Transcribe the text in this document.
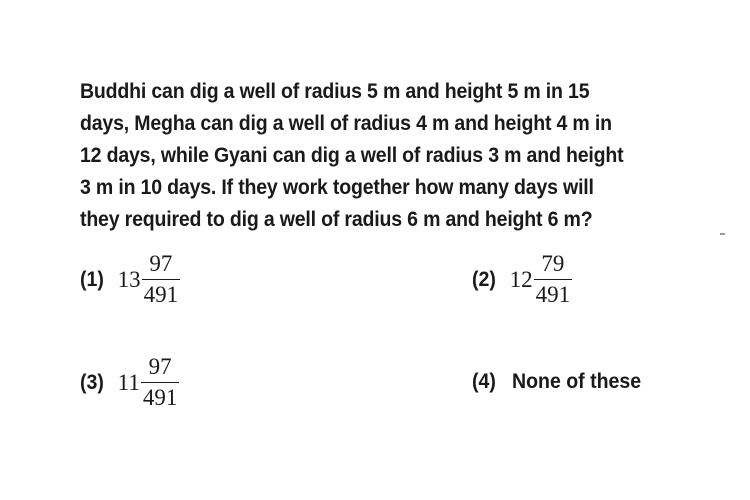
Buddhi can dig a well of radius 5 m and height 5 m in 15
days, Megha can dig a well of radius 4 m and height 4 m in
12 days, while Gyani can dig a well of radius 3 m and height
3 m in 10 days. If they work together how many days will
they required to dig a well of radius 6 m and height 6 m?
(1) $13 \frac{97}{491}$	(2) $12 \frac{79}{491}$
(3) $11 \frac{97}{491}$	(4) None of these
